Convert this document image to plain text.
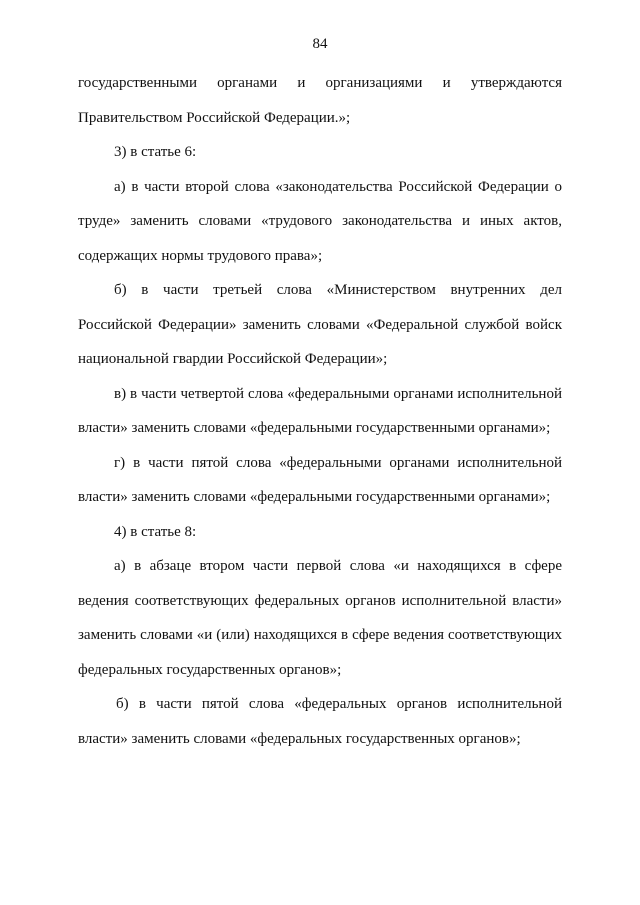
84
государственными органами и организациями и утверждаются
Правительством Российской Федерации.»;
3) в статье 6:
а) в части второй слова «законодательства Российской Федерации о
труде» заменить словами «трудового законодательства и иных актов,
содержащих нормы трудового права»;
б) в части третьей слова «Министерством внутренних дел
Российской Федерации» заменить словами «Федеральной службой войск
национальной гвардии Российской Федерации»;
в) в части четвертой слова «федеральными органами исполнительной
власти» заменить словами «федеральными государственными органами»;
г) в части пятой слова «федеральными органами исполнительной
власти» заменить словами «федеральными государственными органами»;
4) в статье 8:
а) в абзаце втором части первой слова «и находящихся в сфере
ведения соответствующих федеральных органов исполнительной власти»
заменить словами «и (или) находящихся в сфере ведения соответствующих
федеральных государственных органов»;
б) в части пятой слова «федеральных органов исполнительной
власти» заменить словами «федеральных государственных органов»;
